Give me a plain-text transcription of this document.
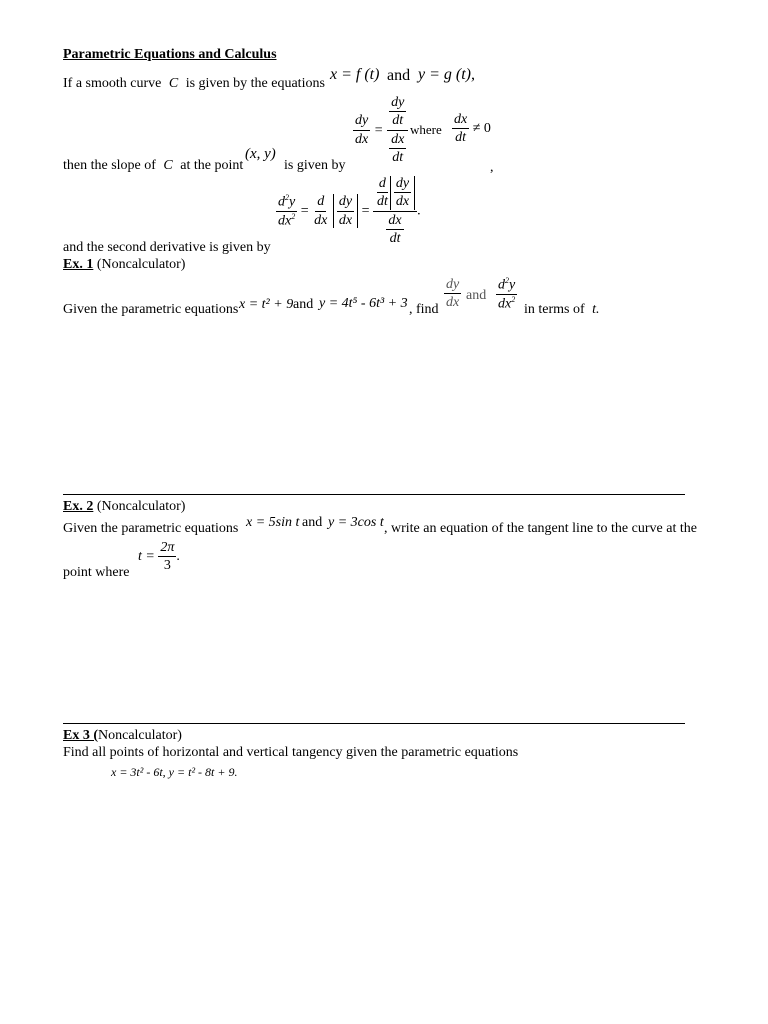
Parametric Equations and Calculus
If a smooth curve C is given by the equations
x = f (t) and y = g (t),
$\frac{dy}{dx} = \frac{\frac{dy}{dt}}{\frac{dx}{dt}}$ where $\frac{dx}{dt} \ne 0$
,
then the slope of C at the point
(x, y)
is given by
$\frac{d^2y}{dx^2} = \frac{d}{dx}$
$\frac{dy}{dx} = \frac{\frac{d}{dt} \frac{dy}{dx}}{\frac{dx}{dt}}$ .
and the second derivative is given by
Ex. 1 (Noncalculator)
Given the parametric equations x = t² + 9 and y = 4t⁵ - 6t³ + 3 , find $\frac{dy}{dx}$ and $\frac{d^2y}{dx^2}$ in terms of t.
Ex. 2 (Noncalculator)
Given the parametric equations x = 5sin t and y = 3cos t , write an equation of the tangent line to the curve at the
point where
$t = \frac{2\pi}{3}$ .
Ex 3 (Noncalculator)
Find all points of horizontal and vertical tangency given the parametric equations
x = 3t² - 6t, y = t² - 8t + 9.
